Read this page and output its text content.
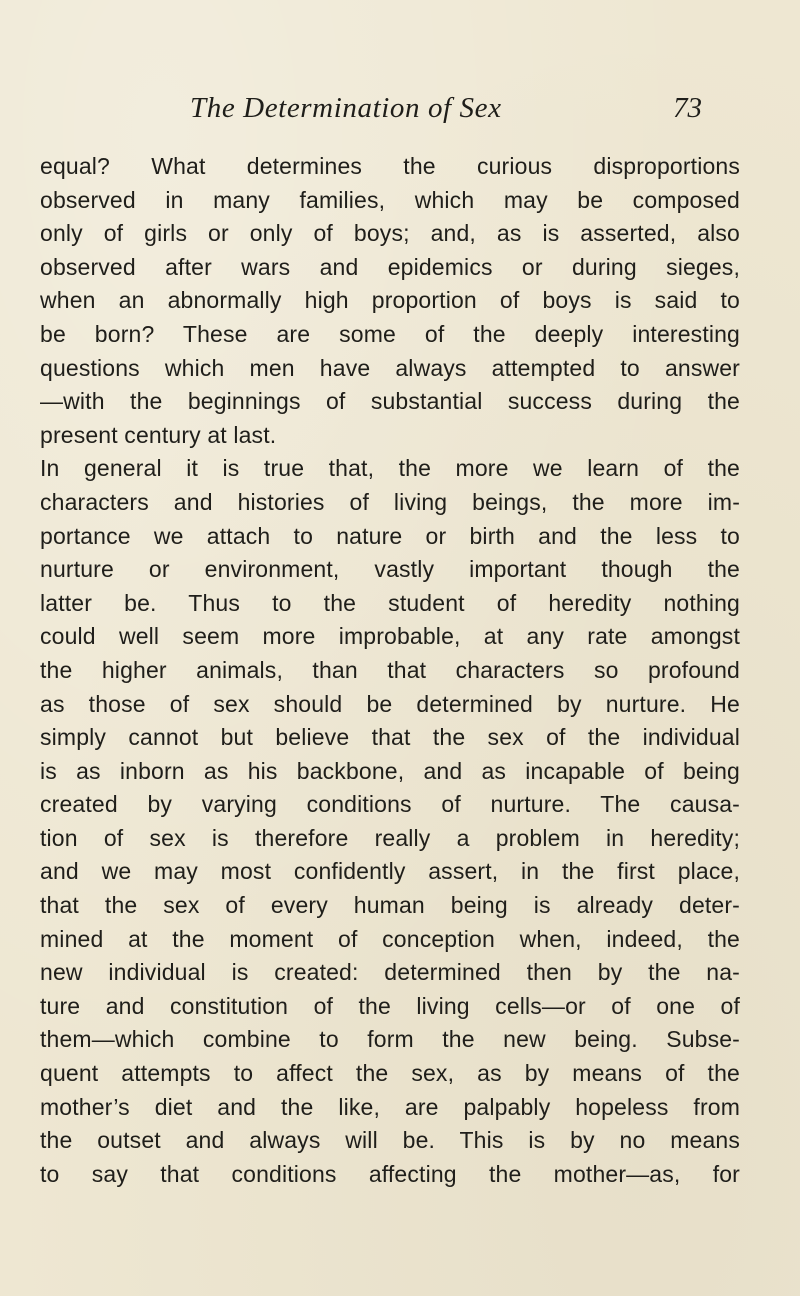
The Determination of Sex	73
equal? What determines the curious disproportions
observed in many families, which may be composed
only of girls or only of boys; and, as is asserted, also
observed after wars and epidemics or during sieges,
when an abnormally high proportion of boys is said to
be born? These are some of the deeply interesting
questions which men have always attempted to answer
—with the beginnings of substantial success during the
present century at last.
In general it is true that, the more we learn of the
characters and histories of living beings, the more im-
portance we attach to nature or birth and the less to
nurture or environment, vastly important though the
latter be. Thus to the student of heredity nothing
could well seem more improbable, at any rate amongst
the higher animals, than that characters so profound
as those of sex should be determined by nurture. He
simply cannot but believe that the sex of the individual
is as inborn as his backbone, and as incapable of being
created by varying conditions of nurture. The causa-
tion of sex is therefore really a problem in heredity;
and we may most confidently assert, in the first place,
that the sex of every human being is already deter-
mined at the moment of conception when, indeed, the
new individual is created: determined then by the na-
ture and constitution of the living cells—or of one of
them—which combine to form the new being. Subse-
quent attempts to affect the sex, as by means of the
mother’s diet and the like, are palpably hopeless from
the outset and always will be. This is by no means
to say that conditions affecting the mother—as, for
